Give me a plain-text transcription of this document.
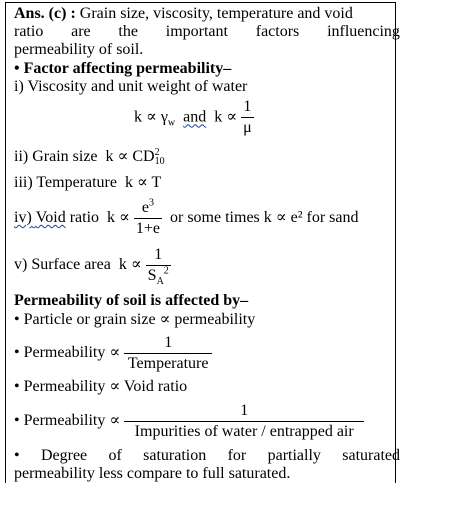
Ans. (c) : Grain size, viscosity, temperature and void
ratio are the important factors influencing
permeability of soil.
• Factor affecting permeability–
i) Viscosity and unit weight of water
$k \propto \gamma_w$ and $k \propto \frac{1}{\mu}$
ii) Grain size k ∝ CD 2
10
iii) Temperature k ∝ T
iv) Void ratio $k \propto \frac{e^3}{1+e}$ or some times k ∝ e² for sand
v) Surface area $k \propto \frac{1}{S_A^2}$
Permeability of soil is affected by–
• Particle or grain size ∝ permeability
• Permeability ∝ $\frac{1}{\text{Temperature}}$
• Permeability ∝ Void ratio
• Permeability ∝ $\frac{1}{\text{Impurities of water / entrapped air}}$
• Degree of saturation for partially saturated
permeability less compare to full saturated.
